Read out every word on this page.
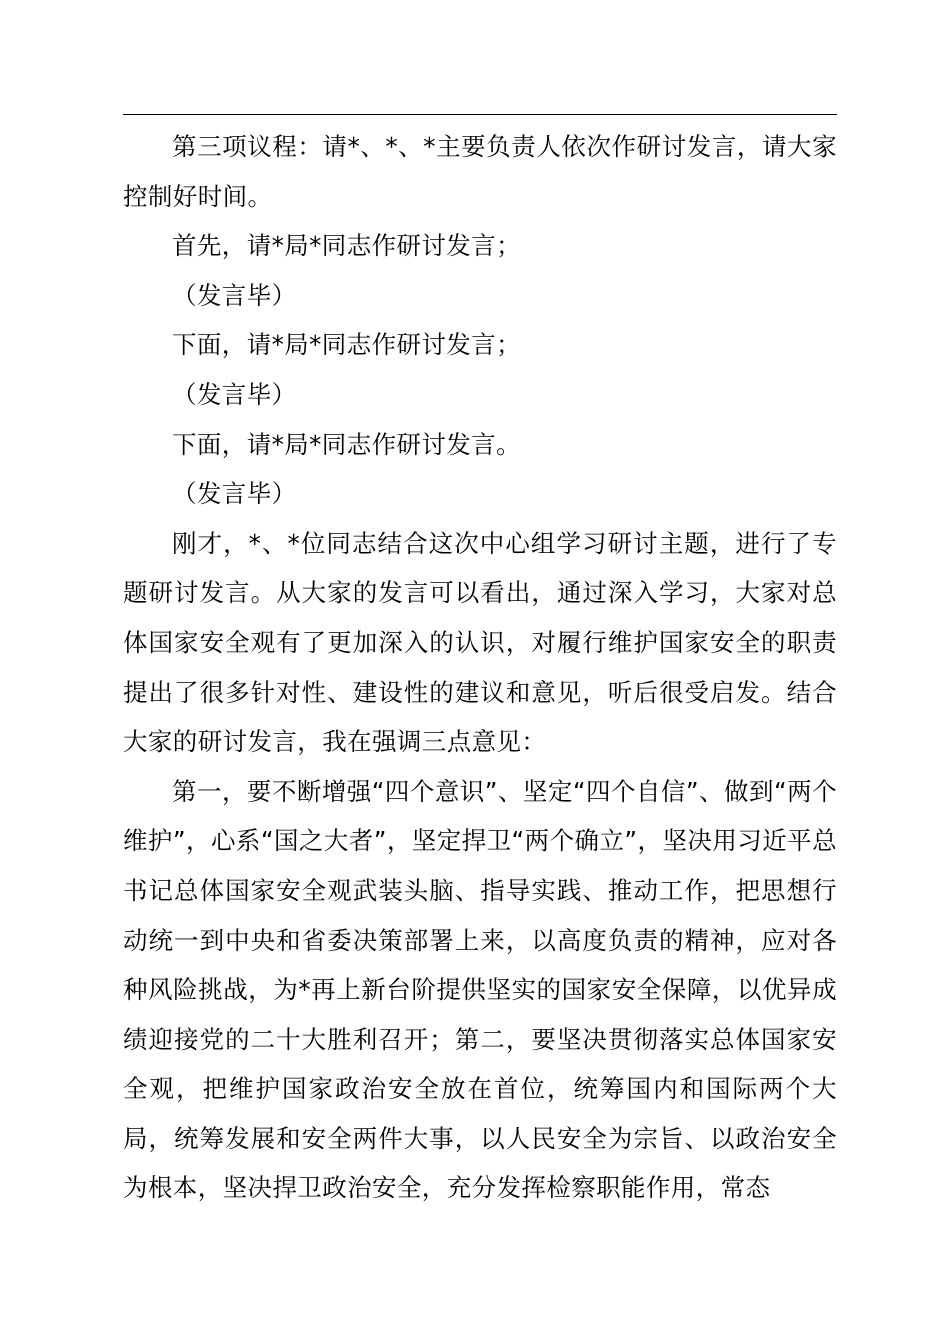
第三项议程：请*、*、*主要负责人依次作研讨发言，请大家控制好时间。

首先，请*局*同志作研讨发言；

（发言毕）

下面，请*局*同志作研讨发言；

（发言毕）

下面，请*局*同志作研讨发言。

（发言毕）

刚才，*、*位同志结合这次中心组学习研讨主题，进行了专题研讨发言。从大家的发言可以看出，通过深入学习，大家对总体国家安全观有了更加深入的认识，对履行维护国家安全的职责提出了很多针对性、建设性的建议和意见，听后很受启发。结合大家的研讨发言，我在强调三点意见：

第一，要不断增强“四个意识”、坚定“四个自信”、做到“两个维护”，心系“国之大者”，坚定捍卫“两个确立”，坚决用习近平总书记总体国家安全观武装头脑、指导实践、推动工作，把思想行动统一到中央和省委决策部署上来，以高度负责的精神，应对各种风险挑战，为*再上新台阶提供坚实的国家安全保障，以优异成绩迎接党的二十大胜利召开；第二，要坚决贯彻落实总体国家安全观，把维护国家政治安全放在首位，统筹国内和国际两个大局，统筹发展和安全两件大事，以人民安全为宗旨、以政治安全为根本，坚决捍卫政治安全，充分发挥检察职能作用，常态
